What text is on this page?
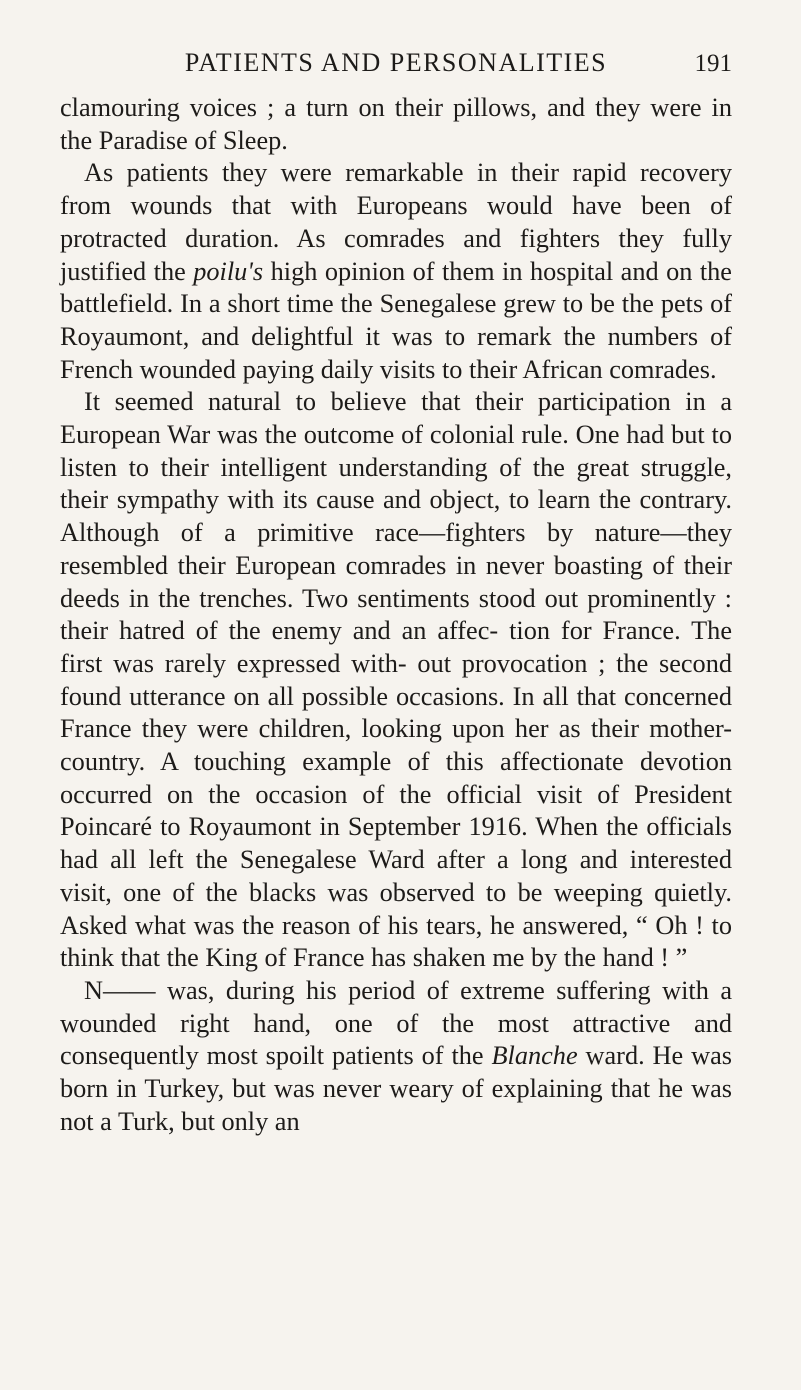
PATIENTS AND PERSONALITIES	191

clamouring voices ; a turn on their pillows, and they were in the Paradise of Sleep.

As patients they were remarkable in their rapid recovery from wounds that with Europeans would have been of protracted duration. As comrades and fighters they fully justified the poilu's high opinion of them in hospital and on the battlefield. In a short time the Senegalese grew to be the pets of Royaumont, and delightful it was to remark the numbers of French wounded paying daily visits to their African comrades.

It seemed natural to believe that their participation in a European War was the outcome of colonial rule. One had but to listen to their intelligent understanding of the great struggle, their sympathy with its cause and object, to learn the contrary. Although of a primitive race—fighters by nature—they resembled their European comrades in never boasting of their deeds in the trenches. Two sentiments stood out prominently : their hatred of the enemy and an affec- tion for France. The first was rarely expressed with- out provocation ; the second found utterance on all possible occasions. In all that concerned France they were children, looking upon her as their mother- country. A touching example of this affectionate devotion occurred on the occasion of the official visit of President Poincaré to Royaumont in September 1916. When the officials had all left the Senegalese Ward after a long and interested visit, one of the blacks was observed to be weeping quietly. Asked what was the reason of his tears, he answered, “ Oh ! to think that the King of France has shaken me by the hand ! ”

N—— was, during his period of extreme suffering with a wounded right hand, one of the most attractive and consequently most spoilt patients of the Blanche ward. He was born in Turkey, but was never weary of explaining that he was not a Turk, but only an
